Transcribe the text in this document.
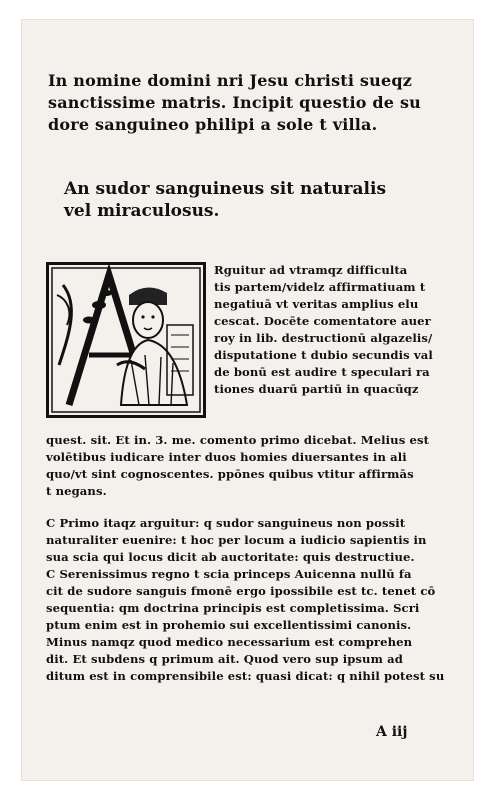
In nomine domini nri Jesu christi sueqz
sanctissime matris. Incipit questio de su
dore sanguineo philipi a sole t villa.
An sudor sanguineus sit naturalis
vel miraculosus.
Rguitur ad vtramqz difficulta
tis partem/videlz affirmatiuam t
negatiuā vt veritas amplius elu
cescat. Docēte comentatore auer
roy in lib. destructionū algazelis/
disputatione t dubio secundis val
de bonū est audire t speculari ra
tiones duarū partiū in quacūqz
quest. sit. Et in. 3. me. comento primo dicebat. Melius est
volētibus iudicare inter duos homies diuersantes in ali
quo/vt sint cognoscentes. ppōnes quibus vtitur affirmās
t negans.
C Primo itaqz arguitur: q sudor sanguineus non possit
naturaliter euenire: t hoc per locum a iudicio sapientis in
sua scia qui locus dicit ab auctoritate: quis destructiue.
C Serenissimus regno t scia princeps Auicenna nullū fa
cit de sudore sanguis fmonē ergo ipossibile est tc. tenet cō
sequentia: qm doctrina principis est completissima. Scri
ptum enim est in prohemio sui excellentissimi canonis.
Minus namqz quod medico necessarium est comprehen
dit. Et subdens q primum ait. Quod vero sup ipsum ad
ditum est in comprensibile est: quasi dicat: q nihil potest su
A iij
